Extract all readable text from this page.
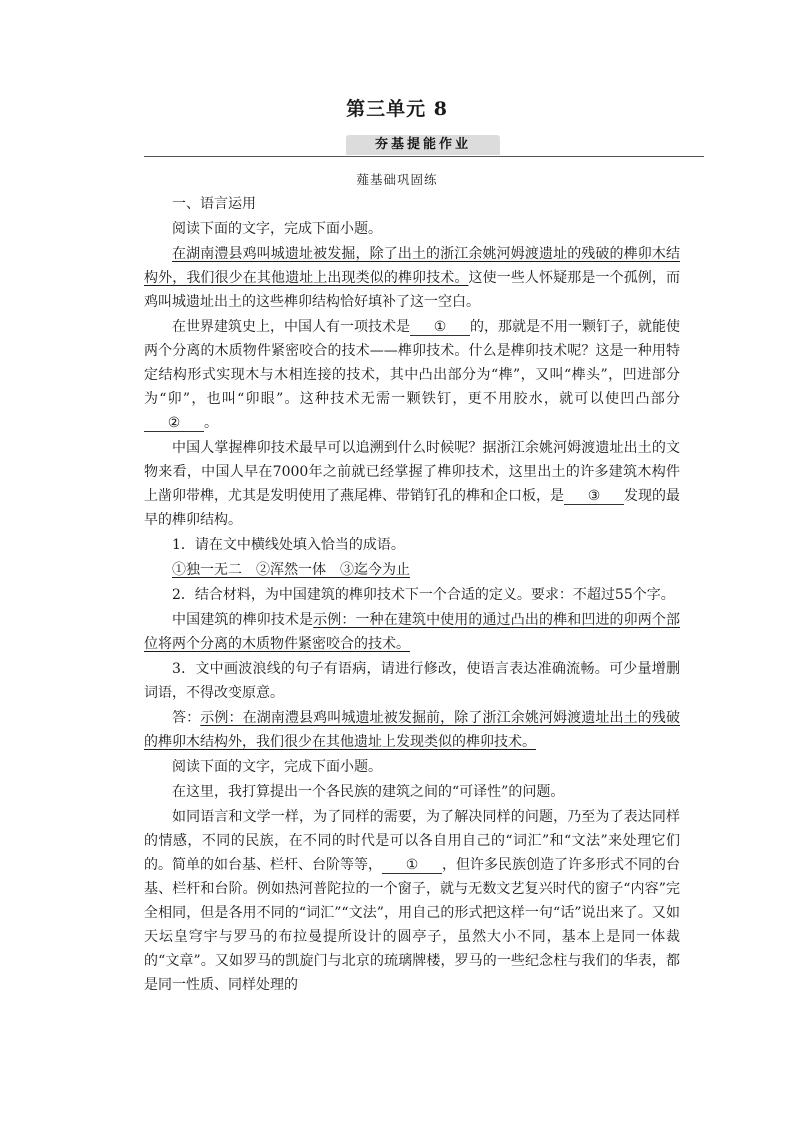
第三单元 8
夯基提能作业
薤基础巩固练

一、语言运用

阅读下面的文字，完成下面小题。

在湖南澧县鸡叫城遗址被发掘，除了出土的浙江余姚河姆渡遗址的残破的榫卯木结构外，我们很少在其他遗址上出现类似的榫卯技术。这使一些人怀疑那是一个孤例，而鸡叫城遗址出土的这些榫卯结构恰好填补了这一空白。

在世界建筑史上，中国人有一项技术是 ① 的，那就是不用一颗钉子，就能使两个分离的木质物件紧密咬合的技术——榫卯技术。什么是榫卯技术呢？这是一种用特定结构形式实现木与木相连接的技术，其中凸出部分为“榫”，又叫“榫头”，凹进部分为“卯”，也叫“卯眼”。这种技术无需一颗铁钉，更不用胶水，就可以使凹凸部分② 。

中国人掌握榫卯技术最早可以追溯到什么时候呢？据浙江余姚河姆渡遗址出土的文物来看，中国人早在7000年之前就已经掌握了榫卯技术，这里出土的许多建筑木构件上凿卯带榫，尤其是发明使用了燕尾榫、带销钉孔的榫和企口板，是 ③ 发现的最早的榫卯结构。

1．请在文中横线处填入恰当的成语。

①独一无二　②浑然一体　③迄今为止

2．结合材料，为中国建筑的榫卯技术下一个合适的定义。要求：不超过55个字。

中国建筑的榫卯技术是示例：一种在建筑中使用的通过凸出的榫和凹进的卯两个部位将两个分离的木质物件紧密咬合的技术。

3．文中画波浪线的句子有语病，请进行修改，使语言表达准确流畅。可少量增删词语，不得改变原意。

答：示例：在湖南澧县鸡叫城遗址被发掘前，除了浙江余姚河姆渡遗址出土的残破的榫卯木结构外，我们很少在其他遗址上发现类似的榫卯技术。

阅读下面的文字，完成下面小题。

在这里，我打算提出一个各民族的建筑之间的“可译性”的问题。

如同语言和文学一样，为了同样的需要，为了解决同样的问题，乃至为了表达同样的情感，不同的民族，在不同的时代是可以各自用自己的“词汇”和“文法”来处理它们的。简单的如台基、栏杆、台阶等等， ① ，但许多民族创造了许多形式不同的台基、栏杆和台阶。例如热河普陀拉的一个窗子，就与无数文艺复兴时代的窗子“内容”完全相同，但是各用不同的“词汇”“文法”，用自己的形式把这样一句“话”说出来了。又如天坛皇穹宇与罗马的布拉曼提所设计的圆亭子，虽然大小不同，基本上是同一体裁的“文章”。又如罗马的凯旋门与北京的琉璃牌楼，罗马的一些纪念柱与我们的华表，都是同一性质、同样处理的
